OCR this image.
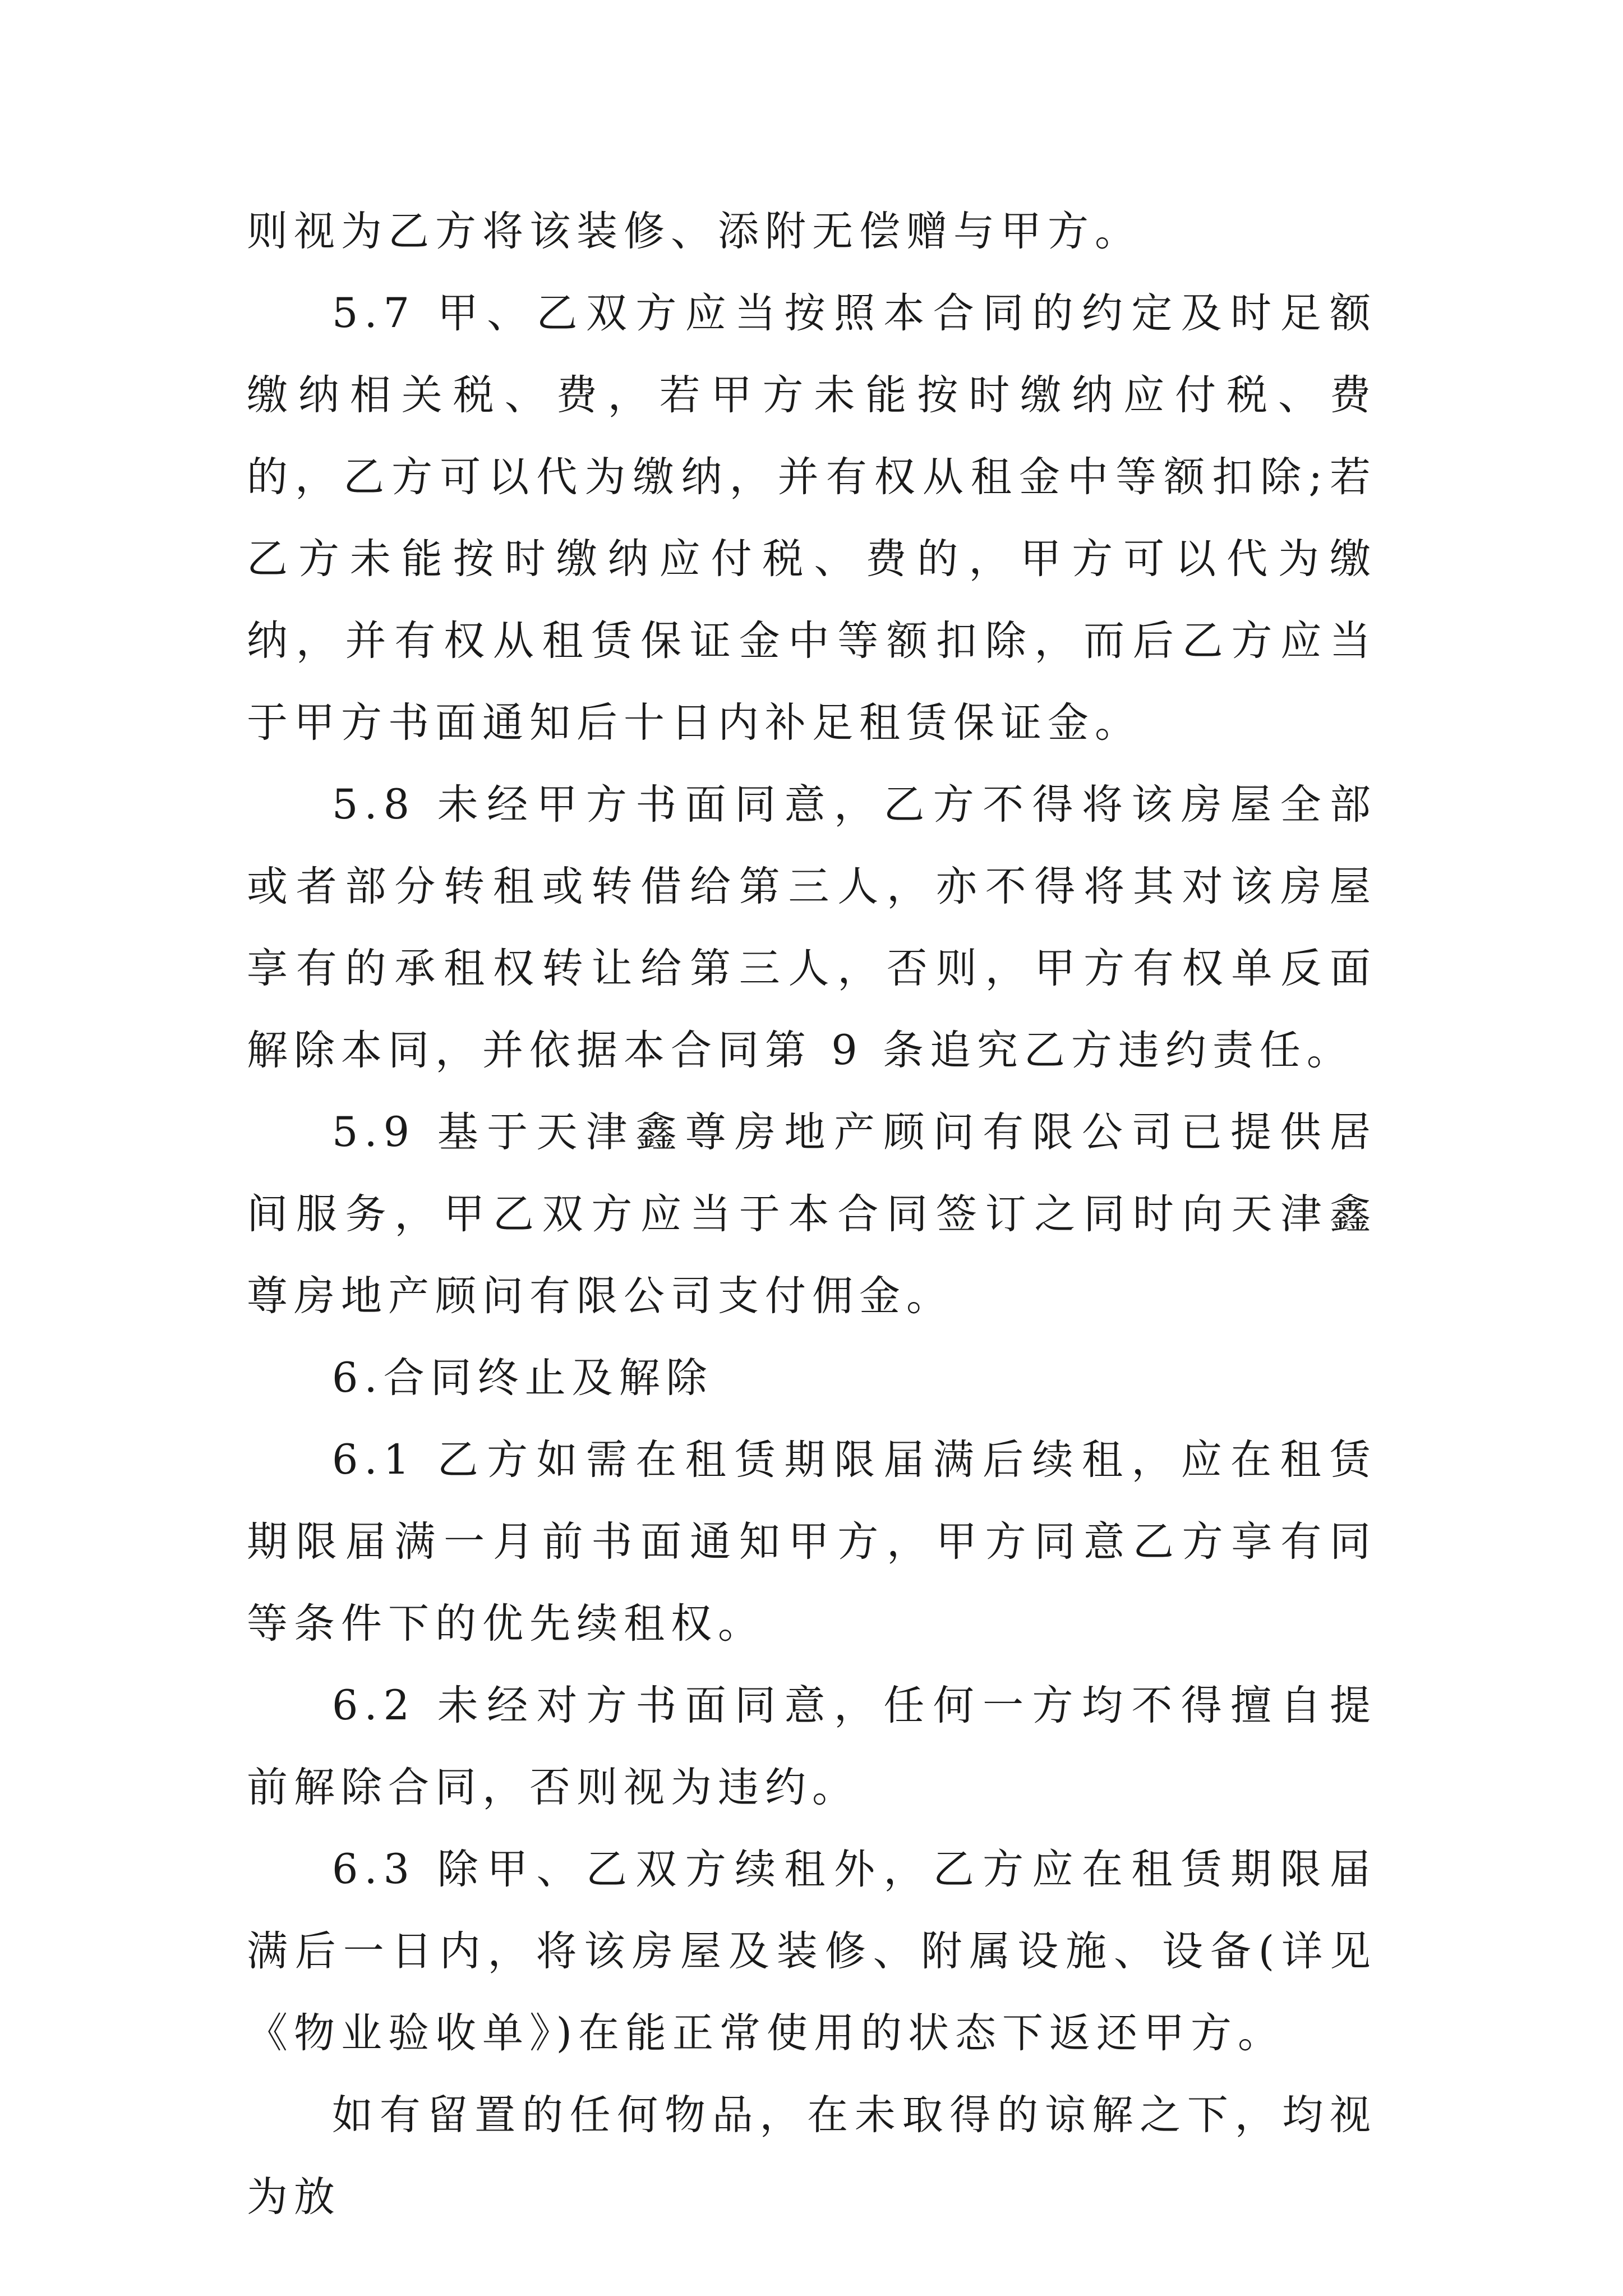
则视为乙方将该装修、添附无偿赠与甲方。

5.7 甲、乙双方应当按照本合同的约定及时足额缴纳相关税、费，若甲方未能按时缴纳应付税、费的，乙方可以代为缴纳，并有权从租金中等额扣除;若乙方未能按时缴纳应付税、费的，甲方可以代为缴纳，并有权从租赁保证金中等额扣除，而后乙方应当于甲方书面通知后十日内补足租赁保证金。

5.8 未经甲方书面同意，乙方不得将该房屋全部或者部分转租或转借给第三人，亦不得将其对该房屋享有的承租权转让给第三人，否则，甲方有权单反面解除本同，并依据本合同第 9 条追究乙方违约责任。

5.9 基于天津鑫尊房地产顾问有限公司已提供居间服务，甲乙双方应当于本合同签订之同时向天津鑫尊房地产顾问有限公司支付佣金。

6.合同终止及解除

6.1 乙方如需在租赁期限届满后续租，应在租赁期限届满一月前书面通知甲方，甲方同意乙方享有同等条件下的优先续租权。

6.2 未经对方书面同意，任何一方均不得擅自提前解除合同，否则视为违约。

6.3 除甲、乙双方续租外，乙方应在租赁期限届满后一日内，将该房屋及装修、附属设施、设备(详见《物业验收单》)在能正常使用的状态下返还甲方。

如有留置的任何物品，在未取得的谅解之下，均视为放
